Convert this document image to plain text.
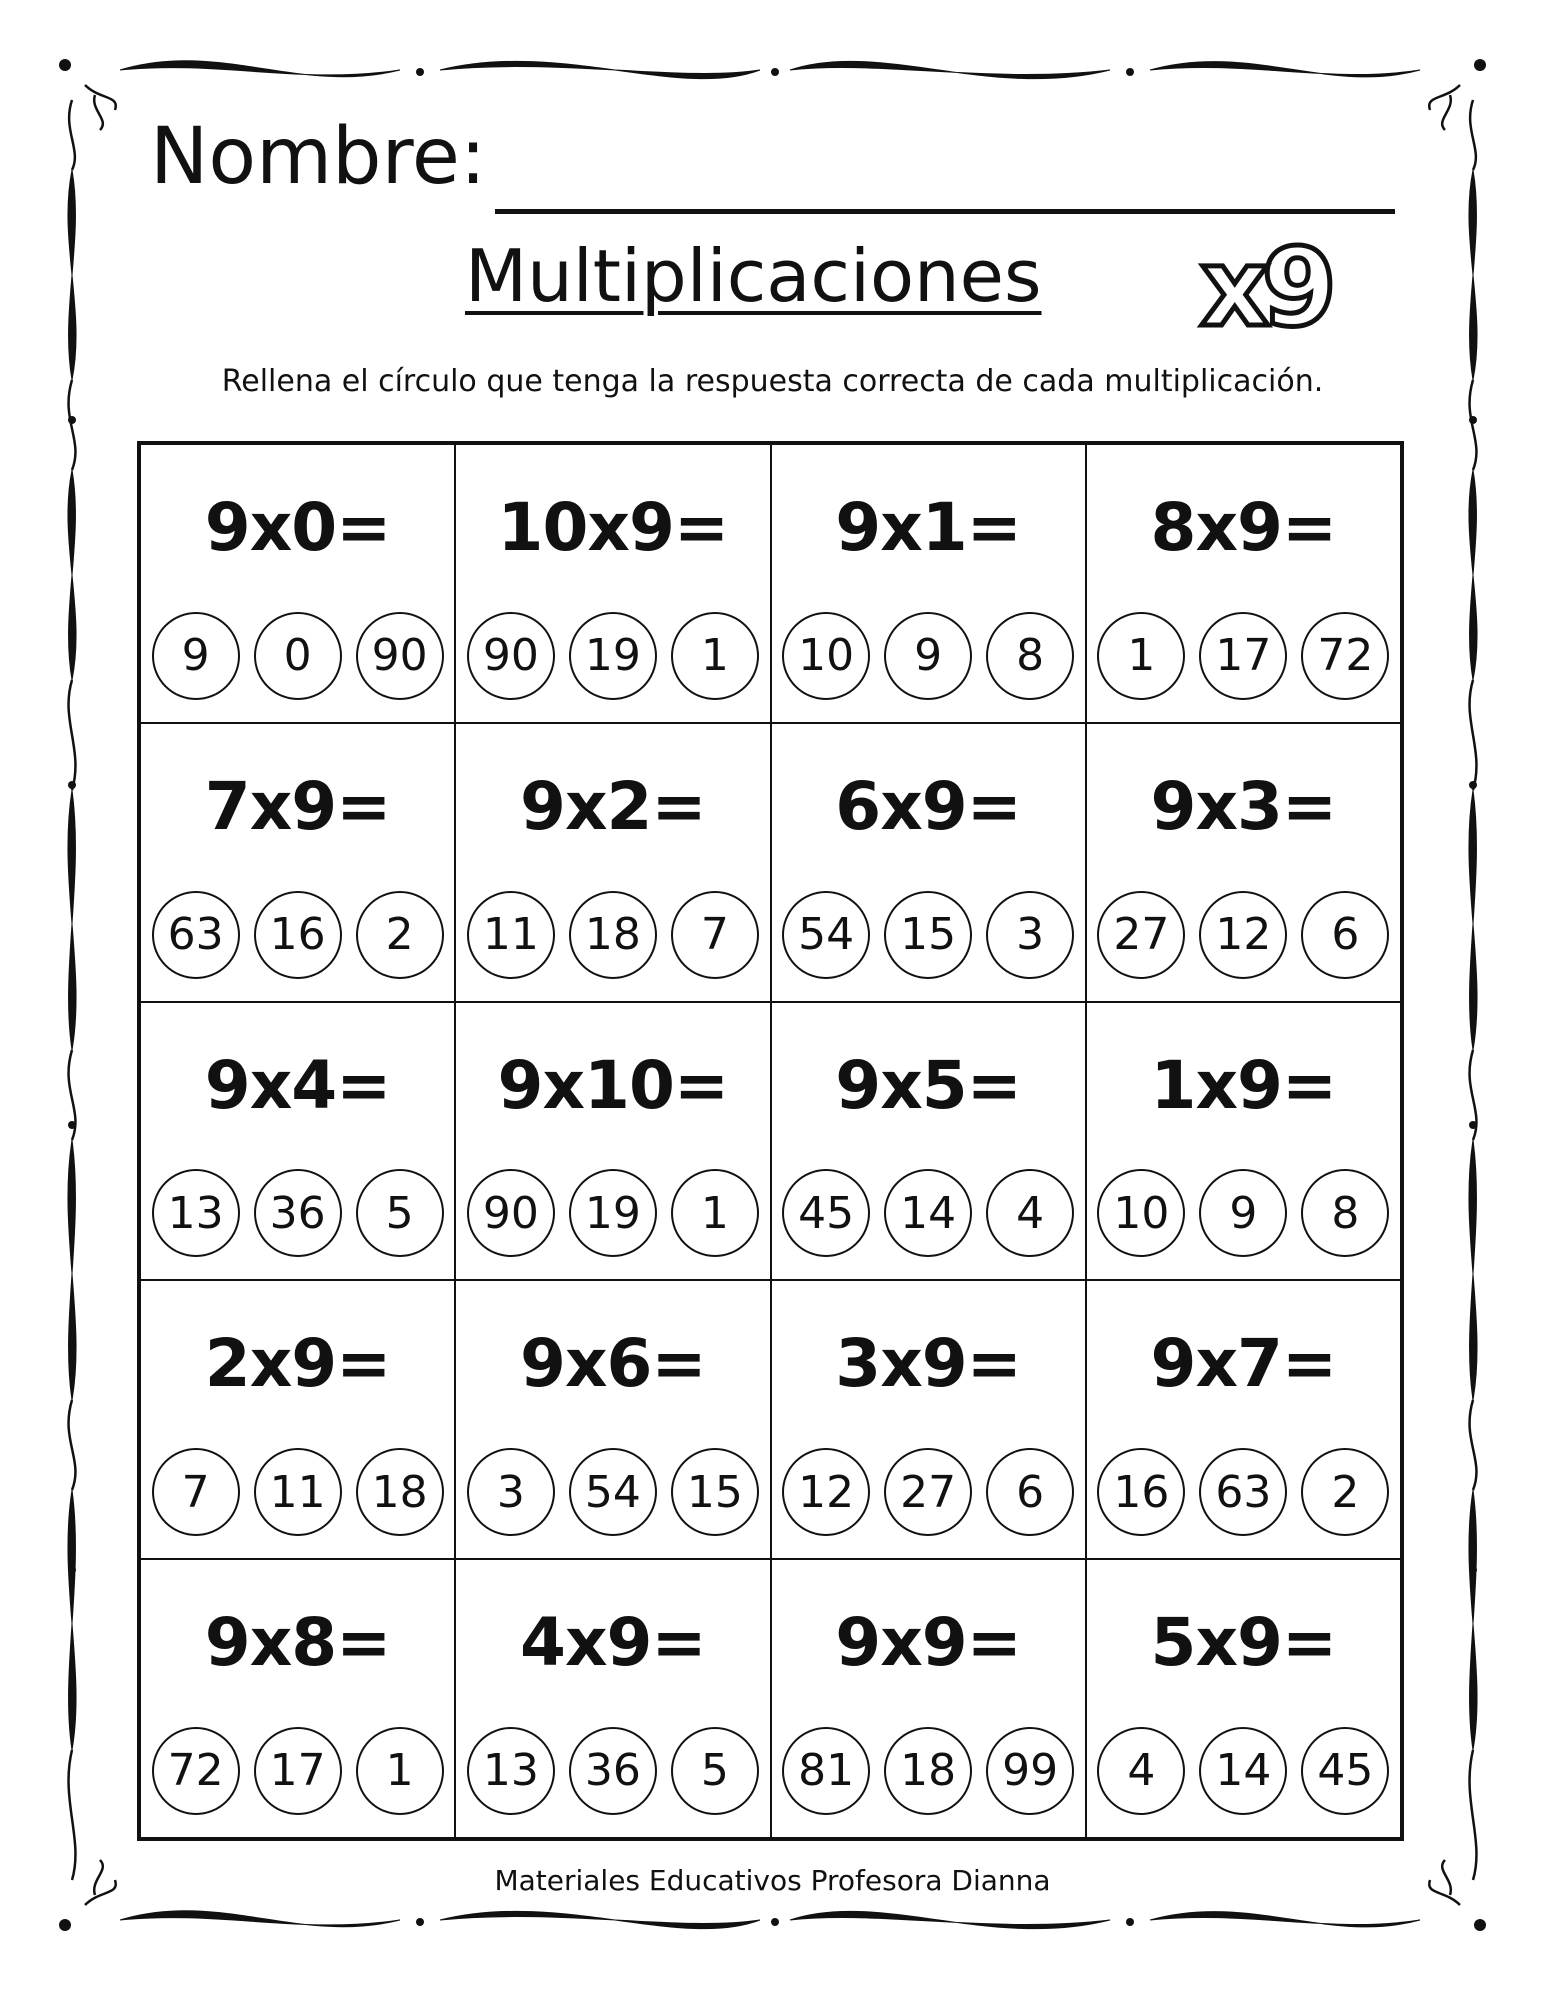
Nombre:
Multiplicaciones x9
Rellena el círculo que tenga la respuesta correcta de cada multiplicación.
9x0=
9	0	90
10x9=
90	19	1
9x1=
10	9	8
8x9=
1	17	72
7x9=
63	16	2
9x2=
11	18	7
6x9=
54	15	3
9x3=
27	12	6
9x4=
13	36	5
9x10=
90	19	1
9x5=
45	14	4
1x9=
10	9	8
2x9=
7	11	18
9x6=
3	54	15
3x9=
12	27	6
9x7=
16	63	2
9x8=
72	17	1
4x9=
13	36	5
9x9=
81	18	99
5x9=
4	14	45
Materiales Educativos Profesora Dianna
